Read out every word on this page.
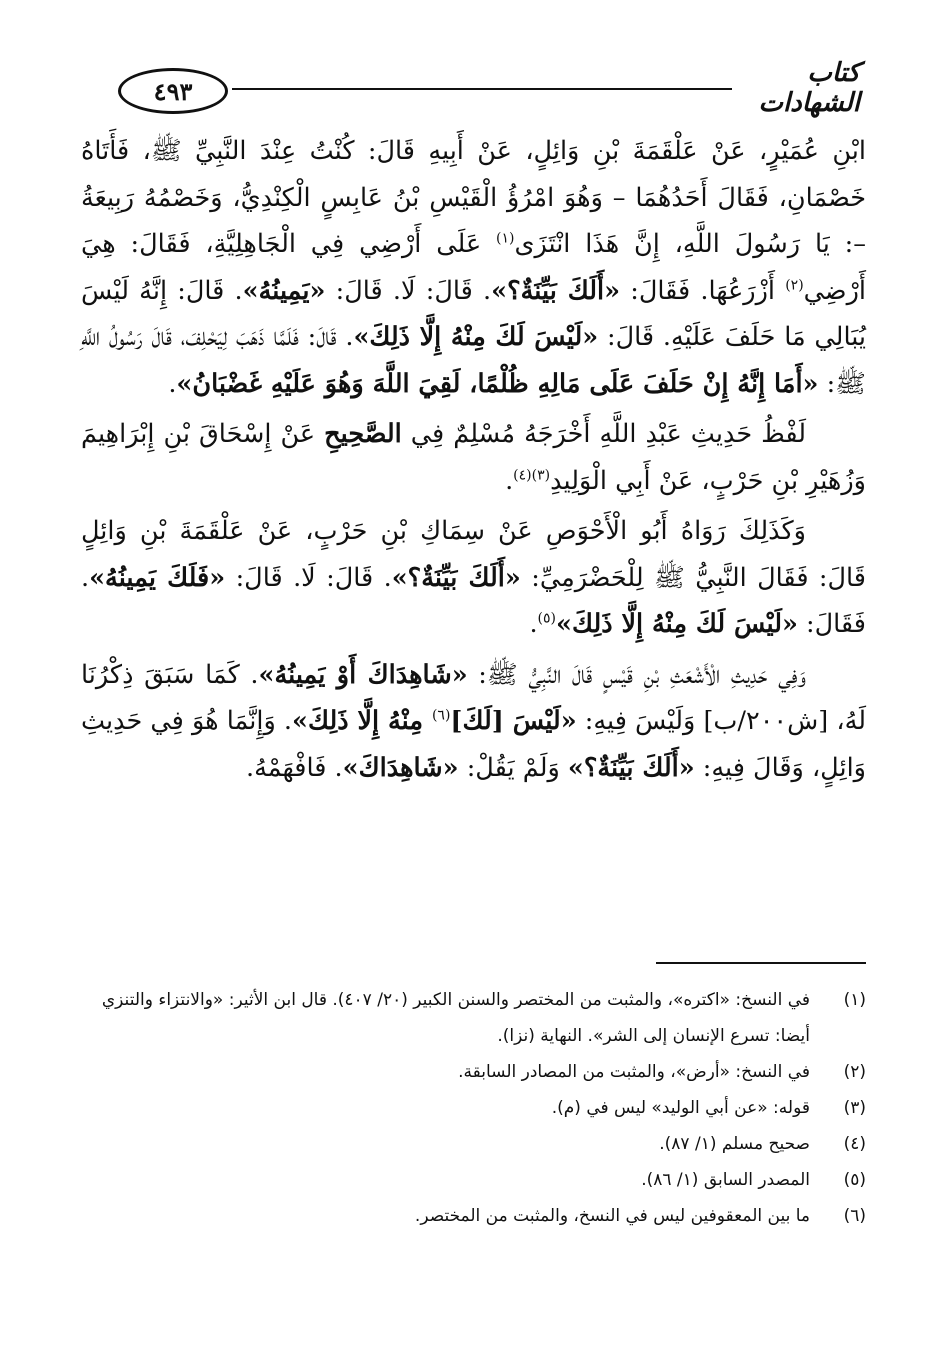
٤٩٣
كتاب الشهادات

ابْنِ عُمَيْرٍ، عَنْ عَلْقَمَةَ بْنِ وَائِلٍ، عَنْ أَبِيهِ قَالَ: كُنْتُ عِنْدَ النَّبِيِّ ﷺ، فَأَتَاهُ خَصْمَانِ، فَقَالَ أَحَدُهُمَا – وَهُوَ امْرُؤُ الْقَيْسِ بْنُ عَابِسٍ الْكِنْدِيُّ، وَخَصْمُهُ رَبِيعَةُ –: يَا رَسُولَ اللَّهِ، إِنَّ هَذَا انْتَزَى$^{(١)}$ عَلَى أَرْضِي فِي الْجَاهِلِيَّةِ، فَقَالَ: هِيَ أَرْضِي$^{(٢)}$ أَزْرَعُهَا. فَقَالَ: «أَلَكَ بَيِّنَةٌ؟». قَالَ: لَا. قَالَ: «يَمِينُهُ». قَالَ: إِنَّهُ لَيْسَ يُبَالِي مَا حَلَفَ عَلَيْهِ. قَالَ: «لَيْسَ لَكَ مِنْهُ إِلَّا ذَلِكَ». قَالَ: فَلَمَّا ذَهَبَ لِيَحْلِفَ، قَالَ رَسُولُ اللَّهِ ﷺ: «أَمَا إِنَّهُ إِنْ حَلَفَ عَلَى مَالِهِ ظُلْمًا، لَقِيَ اللَّهَ وَهُوَ عَلَيْهِ غَضْبَانُ».

لَفْظُ حَدِيثِ عَبْدِ اللَّهِ أَخْرَجَهُ مُسْلِمٌ فِي الصَّحِيحِ عَنْ إِسْحَاقَ بْنِ إِبْرَاهِيمَ وَزُهَيْرِ بْنِ حَرْبٍ، عَنْ أَبِي الْوَلِيدِ$^{(٣)(٤)}$.

وَكَذَلِكَ رَوَاهُ أَبُو الْأَحْوَصِ عَنْ سِمَاكِ بْنِ حَرْبٍ، عَنْ عَلْقَمَةَ بْنِ وَائِلٍ قَالَ: فَقَالَ النَّبِيُّ ﷺ لِلْحَضْرَمِيِّ: «أَلَكَ بَيِّنَةٌ؟». قَالَ: لَا. قَالَ: «فَلَكَ يَمِينُهُ». فَقَالَ: «لَيْسَ لَكَ مِنْهُ إِلَّا ذَلِكَ»$^{(٥)}$.

وَفِي حَدِيثِ الْأَشْعَثِ بْنِ قَيْسٍ قَالَ النَّبِيُّ ﷺ: «شَاهِدَاكَ أَوْ يَمِينُهُ». كَمَا سَبَقَ ذِكْرُنَا لَهُ، [ش٢٠٠/ب] وَلَيْسَ فِيهِ: «لَيْسَ [لَكَ]$^{(٦)}$ مِنْهُ إِلَّا ذَلِكَ». وَإِنَّمَا هُوَ فِي حَدِيثِ وَائِلٍ، وَقَالَ فِيهِ: «أَلَكَ بَيِّنَةٌ؟» وَلَمْ يَقُلْ: «شَاهِدَاكَ». فَافْهَمْهُ.

(١)
في النسخ: «اكتره»، والمثبت من المختصر والسنن الكبير (٢٠/ ٤٠٧). قال ابن الأثير: «والانتزاء والتنزي أيضا: تسرع الإنسان إلى الشر». النهاية (نزا).
(٢)
في النسخ: «أرض»، والمثبت من المصادر السابقة.
(٣)
قوله: «عن أبي الوليد» ليس في (م).
(٤)
صحيح مسلم (١/ ٨٧).
(٥)
المصدر السابق (١/ ٨٦).
(٦)
ما بين المعقوفين ليس في النسخ، والمثبت من المختصر.
